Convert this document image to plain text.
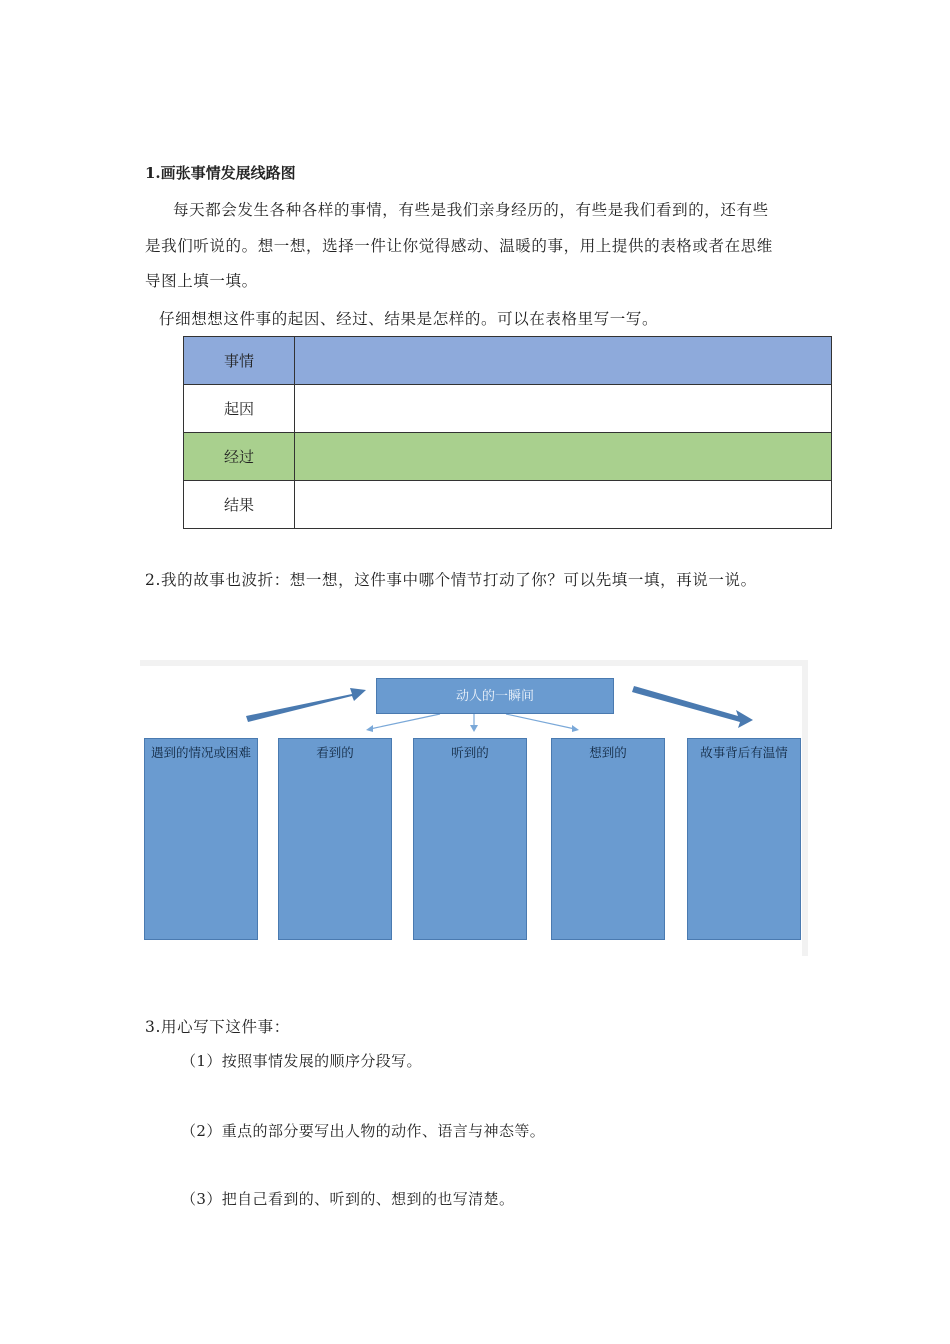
1.画张事情发展线路图
每天都会发生各种各样的事情，有些是我们亲身经历的，有些是我们看到的，还有些
是我们听说的。想一想，选择一件让你觉得感动、温暖的事，用上提供的表格或者在思维
导图上填一填。
仔细想想这件事的起因、经过、结果是怎样的。可以在表格里写一写。
事情	
起因	
经过	
结果	
2.我的故事也波折：想一想，这件事中哪个情节打动了你？可以先填一填，再说一说。
动人的一瞬间
遇到的情况或困难	看到的	听到的	想到的	故事背后有温情
3.用心写下这件事：
（1）按照事情发展的顺序分段写。
（2）重点的部分要写出人物的动作、语言与神态等。
（3）把自己看到的、听到的、想到的也写清楚。
